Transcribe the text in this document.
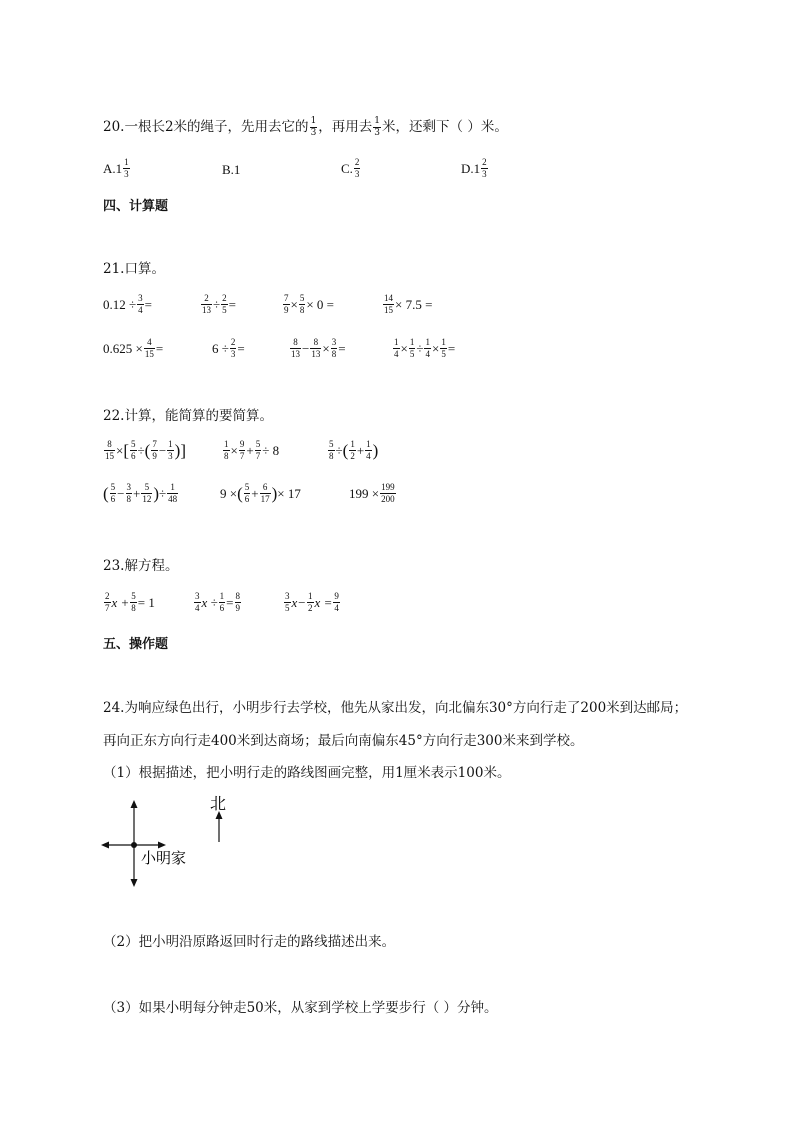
20.一根长2米的绳子，先用去它的 $\frac{1}{3}$ ，再用去 $\frac{1}{3}$ 米，还剩下（ ）米。
A. $1 \frac{1}{3}$	B. 1	C. $\frac{2}{3}$	D. $1 \frac{2}{3}$
四、计算题
21.口算。
$0.12 \div \frac{3}{4}$ =	$\frac{2}{13} \div \frac{2}{5}$ =	$\frac{7}{9} \times \frac{5}{8} \times 0$ =	$\frac{14}{15} \times 7.5$ =
$0.625 \times \frac{4}{15}$ =	$6 \div \frac{2}{3}$ =	$\frac{8}{13} - \frac{8}{13} \times \frac{3}{8}$ =	$\frac{1}{4} \times \frac{1}{5} \div \frac{1}{4} \times \frac{1}{5}$ =
22.计算，能简算的要简算。
$\frac{8}{15}$ × [ $\frac{5}{6}$ ÷ ( $\frac{7}{9} - \frac{1}{3}$ )]	$\frac{1}{8} \times \frac{9}{7} + \frac{5}{7} \div 8$	$\frac{5}{8}$ ÷ ( $\frac{1}{2} + \frac{1}{4}$ )
( $\frac{5}{6} - \frac{3}{8} + \frac{5}{12}$ ) ÷ $\frac{1}{48}$	9 × ( $\frac{5}{6} + \frac{6}{17}$ ) × 17	$199 \times \frac{199}{200}$
23.解方程。
$\frac{2}{7}$ $x + \frac{5}{8} = 1$	$\frac{3}{4}$ $x \div \frac{1}{6} = \frac{8}{9}$	$\frac{3}{5} x- \frac{1}{2}$ $x = \frac{9}{4}$
五、操作题
24.为响应绿色出行，小明步行去学校，他先从家出发，向北偏东30°方向行走了200米到达邮局；
再向正东方向行走400米到达商场；最后向南偏东45°方向行走300米来到学校。
（1）根据描述，把小明行走的路线图画完整，用1厘米表示100米。
北
小明家
（2）把小明沿原路返回时行走的路线描述出来。
（3）如果小明每分钟走50米，从家到学校上学要步行（ ）分钟。
